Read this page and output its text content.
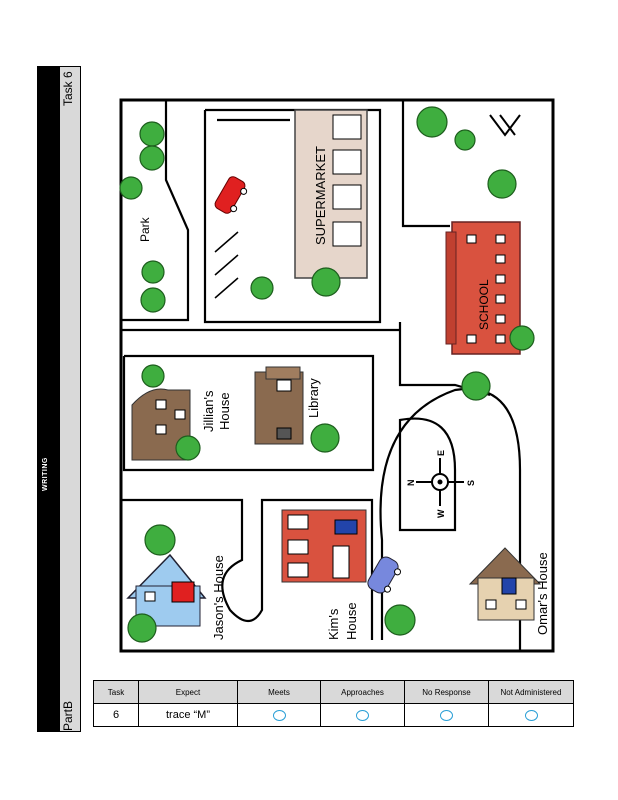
WRITING
Task 6
PartB
SUPERMARKET
Park
SCHOOL
Jillian's House	Library
N
E
S
W
Jason's House	Kim's House	Omar's House
Task	Expect	Meets	Approaches	No Response	Not Administered
6	trace “M”				
